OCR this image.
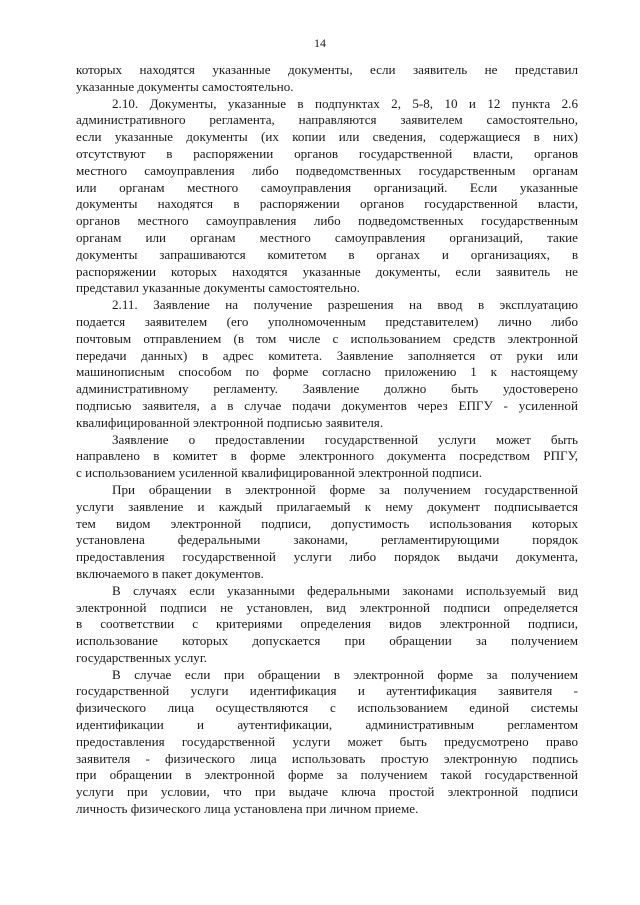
14
которых находятся указанные документы, если заявитель не представил
указанные документы самостоятельно.
2.10. Документы, указанные в подпунктах 2, 5-8, 10 и 12 пункта 2.6
административного регламента, направляются заявителем самостоятельно,
если указанные документы (их копии или сведения, содержащиеся в них)
отсутствуют в распоряжении органов государственной власти, органов
местного самоуправления либо подведомственных государственным органам
или органам местного самоуправления организаций. Если указанные
документы находятся в распоряжении органов государственной власти,
органов местного самоуправления либо подведомственных государственным
органам или органам местного самоуправления организаций, такие
документы запрашиваются комитетом в органах и организациях, в
распоряжении которых находятся указанные документы, если заявитель не
представил указанные документы самостоятельно.
2.11. Заявление на получение разрешения на ввод в эксплуатацию
подается заявителем (его уполномоченным представителем) лично либо
почтовым отправлением (в том числе с использованием средств электронной
передачи данных) в адрес комитета. Заявление заполняется от руки или
машинописным способом по форме согласно приложению 1 к настоящему
административному регламенту. Заявление должно быть удостоверено
подписью заявителя, а в случае подачи документов через ЕПГУ - усиленной
квалифицированной электронной подписью заявителя.
Заявление о предоставлении государственной услуги может быть
направлено в комитет в форме электронного документа посредством РПГУ,
с использованием усиленной квалифицированной электронной подписи.
При обращении в электронной форме за получением государственной
услуги заявление и каждый прилагаемый к нему документ подписывается
тем видом электронной подписи, допустимость использования которых
установлена федеральными законами, регламентирующими порядок
предоставления государственной услуги либо порядок выдачи документа,
включаемого в пакет документов.
В случаях если указанными федеральными законами используемый вид
электронной подписи не установлен, вид электронной подписи определяется
в соответствии с критериями определения видов электронной подписи,
использование которых допускается при обращении за получением
государственных услуг.
В случае если при обращении в электронной форме за получением
государственной услуги идентификация и аутентификация заявителя -
физического лица осуществляются с использованием единой системы
идентификации и аутентификации, административным регламентом
предоставления государственной услуги может быть предусмотрено право
заявителя - физического лица использовать простую электронную подпись
при обращении в электронной форме за получением такой государственной
услуги при условии, что при выдаче ключа простой электронной подписи
личность физического лица установлена при личном приеме.
